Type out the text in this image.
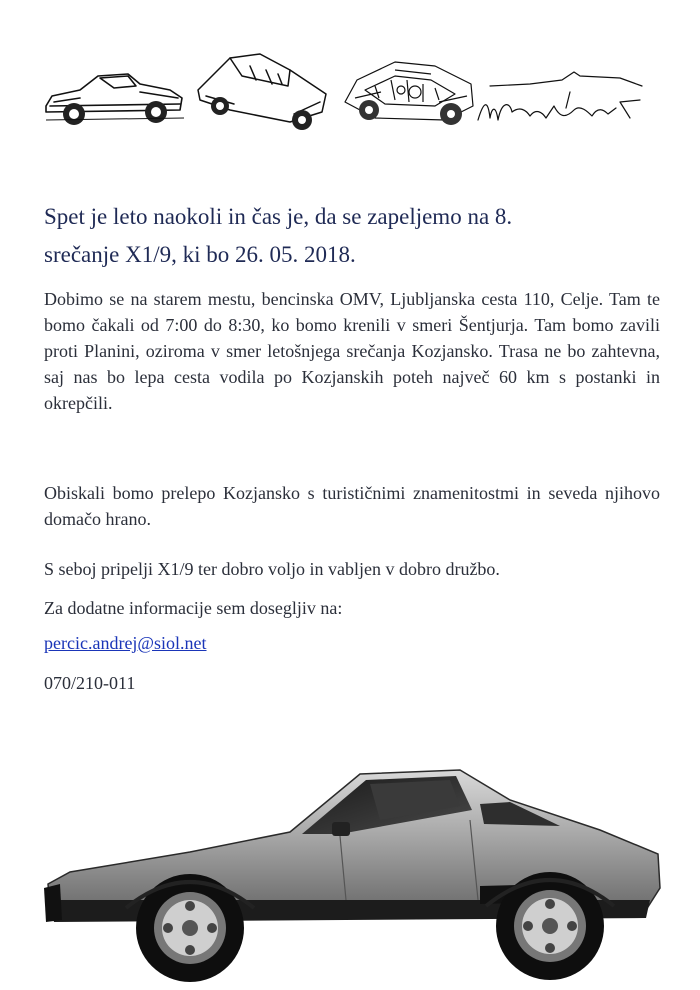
Spet je leto naokoli in čas je, da se zapeljemo na 8.
srečanje X1/9, ki bo 26. 05. 2018.

Dobimo se na starem mestu, bencinska OMV, Ljubljanska cesta 110, Celje. Tam te bomo čakali od 7:00 do 8:30, ko bomo krenili v smeri Šentjurja. Tam bomo zavili proti Planini, oziroma v smer letošnjega srečanja Kozjansko. Trasa ne bo zahtevna, saj nas bo lepa cesta vodila po Kozjanskih poteh največ 60 km s postanki in okrepčili.

Obiskali bomo prelepo Kozjansko s turističnimi znamenitostmi in seveda njihovo domačo hrano.

S seboj pripelji X1/9 ter dobro voljo in vabljen v dobro družbo.

Za dodatne informacije sem dosegljiv na:

percic.andrej@siol.net
070/210-011
